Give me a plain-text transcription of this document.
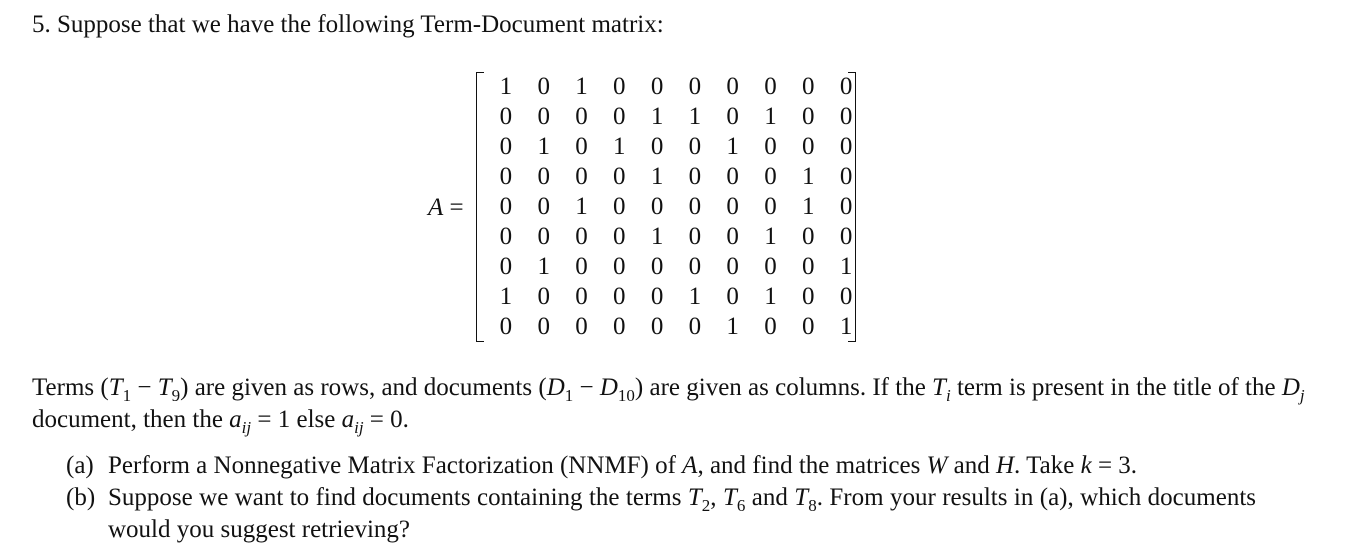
5. Suppose that we have the following Term-Document matrix:
A =
1	0	1	0	0	0	0	0	0	0
0	0	0	0	1	1	0	1	0	0
0	1	0	1	0	0	1	0	0	0
0	0	0	0	1	0	0	0	1	0
0	0	1	0	0	0	0	0	1	0
0	0	0	0	1	0	0	1	0	0
0	1	0	0	0	0	0	0	0	1
1	0	0	0	0	1	0	1	0	0
0	0	0	0	0	0	1	0	0	1
Terms $(T_1 - T_9)$ are given as rows, and documents $(D_1 - D_{10})$ are given as columns. If the $T_i$ term is present in the title of the $D_j$ document, then the $a_{ij} = 1$ else $a_{ij} = 0$.
(a) Perform a Nonnegative Matrix Factorization (NNMF) of A, and find the matrices W and H. Take k = 3.
(b) Suppose we want to find documents containing the terms $T_2$, $T_6$ and $T_8$. From your results in (a), which documents would you suggest retrieving?
